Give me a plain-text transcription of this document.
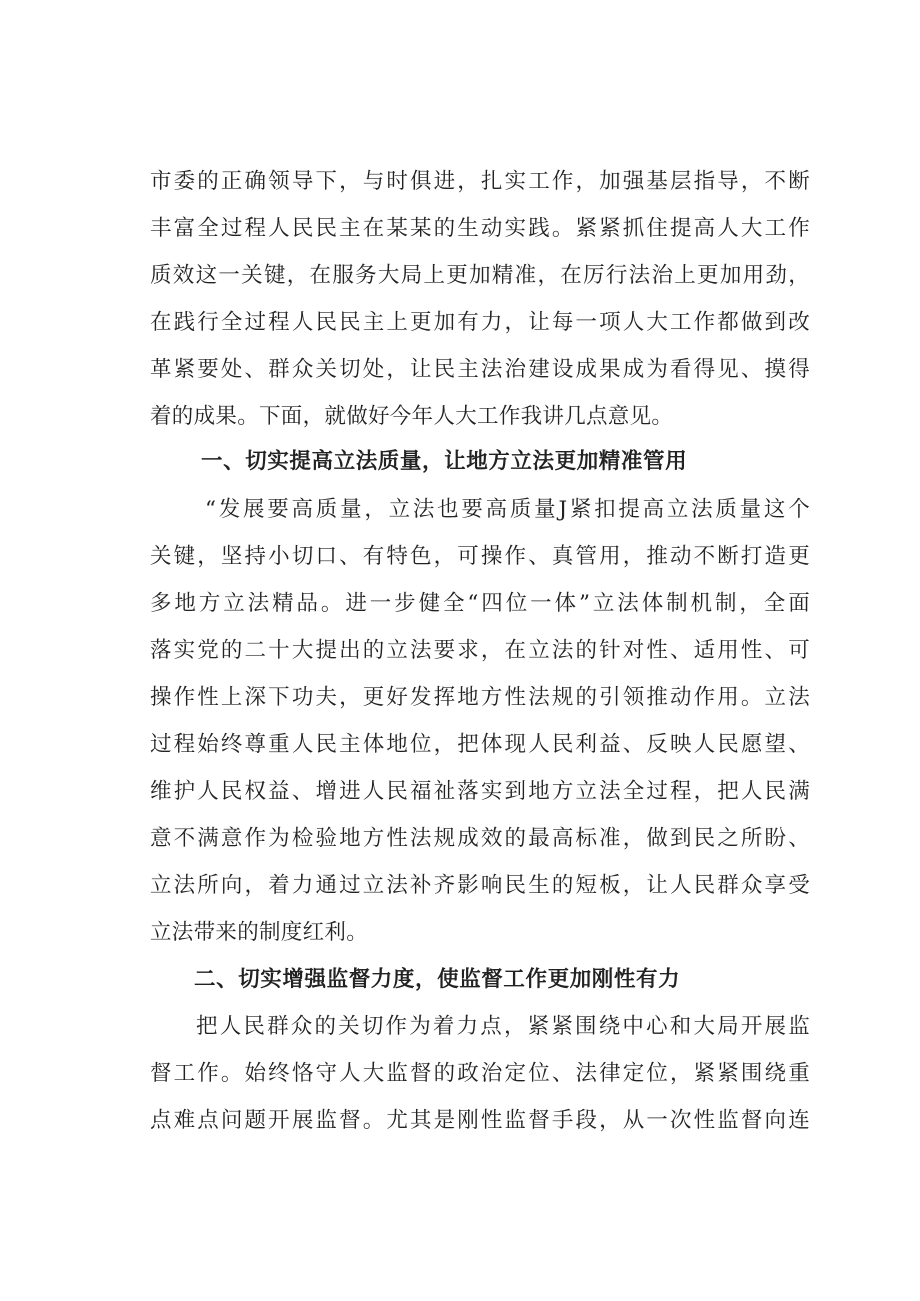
市委的正确领导下，与时俱进，扎实工作，加强基层指导，不断
丰富全过程人民民主在某某的生动实践。紧紧抓住提高人大工作
质效这一关键，在服务大局上更加精准，在厉行法治上更加用劲，
在践行全过程人民民主上更加有力，让每一项人大工作都做到改
革紧要处、群众关切处，让民主法治建设成果成为看得见、摸得
着的成果。下面，就做好今年人大工作我讲几点意见。
一、切实提高立法质量，让地方立法更加精准管用
“发展要高质量，立法也要高质量J紧扣提高立法质量这个
关键，坚持小切口、有特色，可操作、真管用，推动不断打造更
多地方立法精品。进一步健全“四位一体”立法体制机制，全面
落实党的二十大提出的立法要求，在立法的针对性、适用性、可
操作性上深下功夫，更好发挥地方性法规的引领推动作用。立法
过程始终尊重人民主体地位，把体现人民利益、反映人民愿望、
维护人民权益、增进人民福祉落实到地方立法全过程，把人民满
意不满意作为检验地方性法规成效的最高标准，做到民之所盼、
立法所向，着力通过立法补齐影响民生的短板，让人民群众享受
立法带来的制度红利。
二、切实增强监督力度，使监督工作更加刚性有力
把人民群众的关切作为着力点，紧紧围绕中心和大局开展监
督工作。始终恪守人大监督的政治定位、法律定位，紧紧围绕重
点难点问题开展监督。尤其是刚性监督手段，从一次性监督向连
